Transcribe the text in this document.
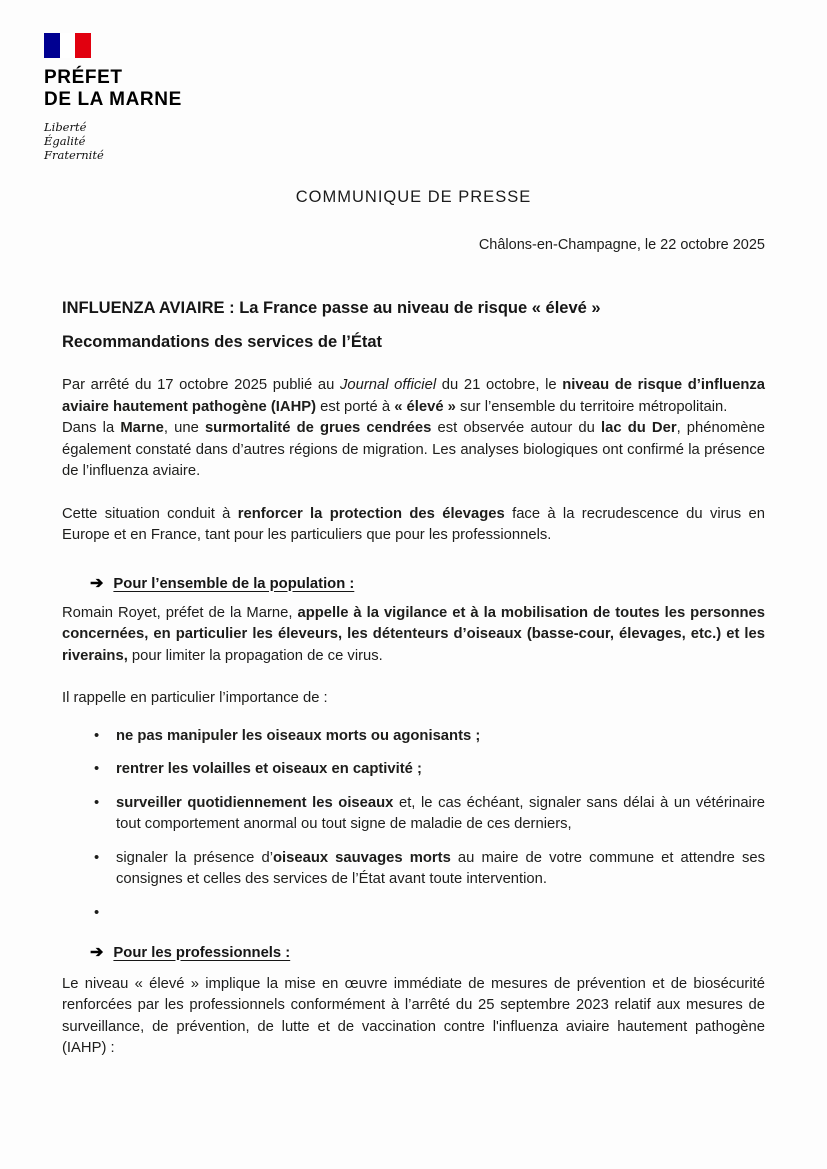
PRÉFET
DE LA MARNE
Liberté
Égalité
Fraternité
COMMUNIQUE DE PRESSE
Châlons-en-Champagne, le 22 octobre 2025
INFLUENZA AVIAIRE : La France passe au niveau de risque « élevé »
Recommandations des services de l’État

Par arrêté du 17 octobre 2025 publié au Journal officiel du 21 octobre, le niveau de risque d’influenza aviaire hautement pathogène (IAHP) est porté à « élevé » sur l’ensemble du territoire métropolitain.

Dans la Marne, une surmortalité de grues cendrées est observée autour du lac du Der, phénomène également constaté dans d’autres régions de migration. Les analyses biologiques ont confirmé la présence de l’influenza aviaire.

Cette situation conduit à renforcer la protection des élevages face à la recrudescence du virus en Europe et en France, tant pour les particuliers que pour les professionnels.

➔ Pour l’ensemble de la population :

Romain Royet, préfet de la Marne, appelle à la vigilance et à la mobilisation de toutes les personnes concernées, en particulier les éleveurs, les détenteurs d’oiseaux (basse-cour, élevages, etc.) et les riverains, pour limiter la propagation de ce virus.

Il rappelle en particulier l’importance de :

• ne pas manipuler les oiseaux morts ou agonisants ;
• rentrer les volailles et oiseaux en captivité ;
• surveiller quotidiennement les oiseaux et, le cas échéant, signaler sans délai à un vétérinaire tout comportement anormal ou tout signe de maladie de ces derniers,
• signaler la présence d’oiseaux sauvages morts au maire de votre commune et attendre ses consignes et celles des services de l’État avant toute intervention.
•
➔ Pour les professionnels :

Le niveau « élevé » implique la mise en œuvre immédiate de mesures de prévention et de biosécurité renforcées par les professionnels conformément à l’arrêté du 25 septembre 2023 relatif aux mesures de surveillance, de prévention, de lutte et de vaccination contre l'influenza aviaire hautement pathogène (IAHP) :
